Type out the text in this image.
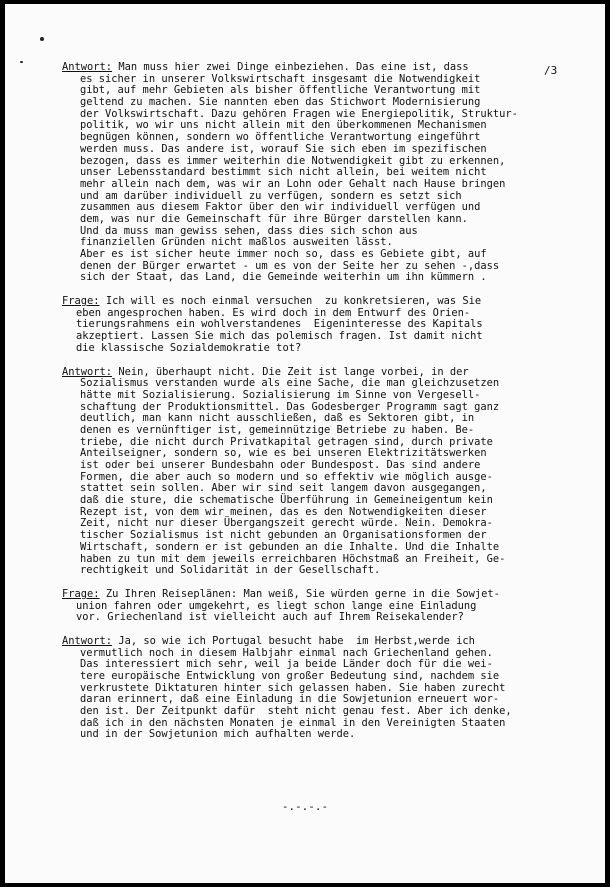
/3
Antwort: Man muss hier zwei Dinge einbeziehen. Das eine ist, dass
es sicher in unserer Volkswirtschaft insgesamt die Notwendigkeit
gibt, auf mehr Gebieten als bisher öffentliche Verantwortung mit
geltend zu machen. Sie nannten eben das Stichwort Modernisierung
der Volkswirtschaft. Dazu gehören Fragen wie Energiepolitik, Struktur-
politik, wo wir uns nicht allein mit den überkommenen Mechanismen
begnügen können, sondern wo öffentliche Verantwortung eingeführt
werden muss. Das andere ist, worauf Sie sich eben im spezifischen
bezogen, dass es immer weiterhin die Notwendigkeit gibt zu erkennen,
unser Lebensstandard bestimmt sich nicht allein, bei weitem nicht
mehr allein nach dem, was wir an Lohn oder Gehalt nach Hause bringen
und am darüber individuell zu verfügen, sondern es setzt sich
zusammen aus diesem Faktor über den wir individuell verfügen und
dem, was nur die Gemeinschaft für ihre Bürger darstellen kann.
Und da muss man gewiss sehen, dass dies sich schon aus
finanziellen Gründen nicht maßlos ausweiten lässt.
Aber es ist sicher heute immer noch so, dass es Gebiete gibt, auf
denen der Bürger erwartet - um es von der Seite her zu sehen -,dass
sich der Staat, das Land, die Gemeinde weiterhin um ihn kümmern .
Frage: Ich will es noch einmal versuchen  zu konkretsieren, was Sie
eben angesprochen haben. Es wird doch in dem Entwurf des Orien-
tierungsrahmens ein wohlverstandenes  Eigeninteresse des Kapitals
akzeptiert. Lassen Sie mich das polemisch fragen. Ist damit nicht
die klassische Sozialdemokratie tot?
Antwort: Nein, überhaupt nicht. Die Zeit ist lange vorbei, in der
Sozialismus verstanden wurde als eine Sache, die man gleichzusetzen
hätte mit Sozialisierung. Sozialisierung im Sinne von Vergesell-
schaftung der Produktionsmittel. Das Godesberger Programm sagt ganz
deutlich, man kann nicht ausschließen, daß es Sektoren gibt, in
denen es vernünftiger ist, gemeinnützige Betriebe zu haben. Be-
triebe, die nicht durch Privatkapital getragen sind, durch private
Anteilseigner, sondern so, wie es bei unseren Elektrizitätswerken
ist oder bei unserer Bundesbahn oder Bundespost. Das sind andere
Formen, die aber auch so modern und so effektiv wie möglich ausge-
stattet sein sollen. Aber wir sind seit langem davon ausgegangen,
daß die sture, die schematische Überführung in Gemeineigentum kein
Rezept ist, von dem wir meinen, das es den Notwendigkeiten dieser
Zeit, nicht nur dieser Übergangszeit gerecht würde. Nein. Demokra-
tischer Sozialismus ist nicht gebunden an Organisationsformen der
Wirtschaft, sondern er ist gebunden an die Inhalte. Und die Inhalte
haben zu tun mit dem jeweils erreichbaren Höchstmaß an Freiheit, Ge-
rechtigkeit und Solidarität in der Gesellschaft.
Frage: Zu Ihren Reiseplänen: Man weiß, Sie würden gerne in die Sowjet-
union fahren oder umgekehrt, es liegt schon lange eine Einladung
vor. Griechenland ist vielleicht auch auf Ihrem Reisekalender?
Antwort: Ja, so wie ich Portugal besucht habe  im Herbst,werde ich
vermutlich noch in diesem Halbjahr einmal nach Griechenland gehen.
Das interessiert mich sehr, weil ja beide Länder doch für die wei-
tere europäische Entwicklung von großer Bedeutung sind, nachdem sie
verkrustete Diktaturen hinter sich gelassen haben. Sie haben zurecht
daran erinnert, daß eine Einladung in die Sowjetunion erneuert wor-
den ist. Der Zeitpunkt dafür  steht nicht genau fest. Aber ich denke,
daß ich in den nächsten Monaten je einmal in den Vereinigten Staaten
und in der Sowjetunion mich aufhalten werde.
-.-.-.-
